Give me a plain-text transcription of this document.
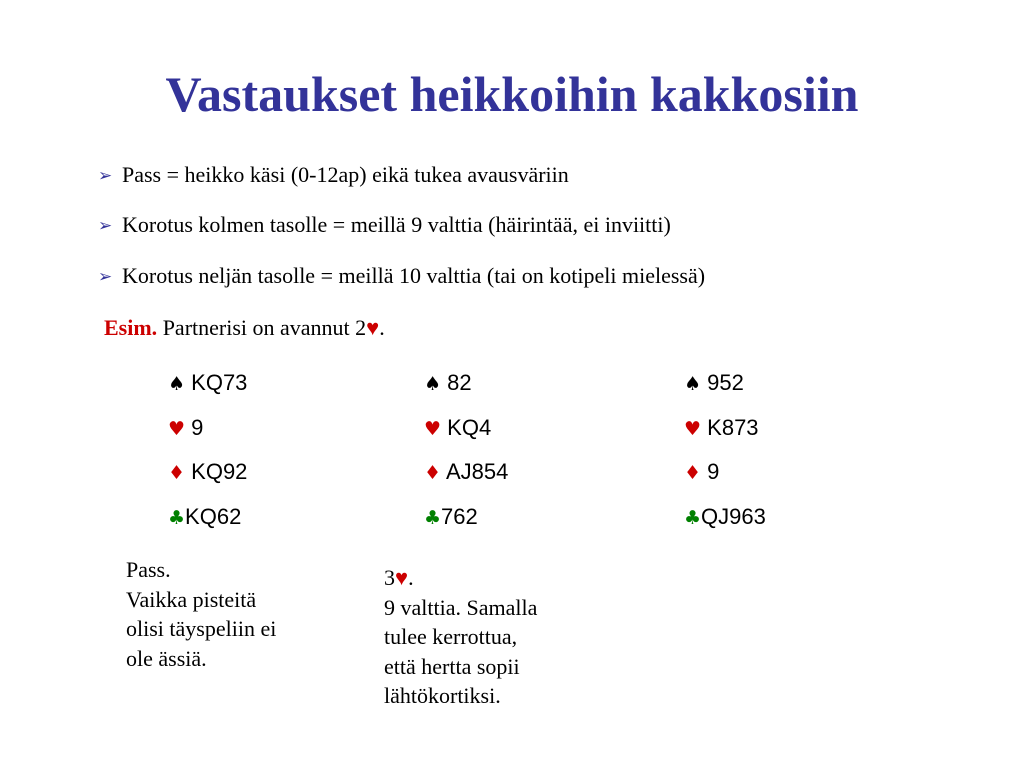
Vastaukset heikkoihin kakkosiin
➢ Pass = heikko käsi (0-12ap) eikä tukea avausväriin
➢ Korotus kolmen tasolle = meillä 9 valttia (häirintää, ei inviitti)
➢ Korotus neljän tasolle = meillä 10 valttia (tai on kotipeli mielessä)
Esim. Partnerisi on avannut 2♥.
♠ KQ73
♥ 9
♦ KQ92
♣KQ62
♠ 82
♥ KQ4
♦ AJ854
♣762
♠ 952
♥ K873
♦ 9
♣QJ963
Pass.
Vaikka pisteitä
olisi täyspeliin ei
ole ässiä.
3♥.
9 valttia. Samalla
tulee kerrottua,
että hertta sopii
lähtökortiksi.
